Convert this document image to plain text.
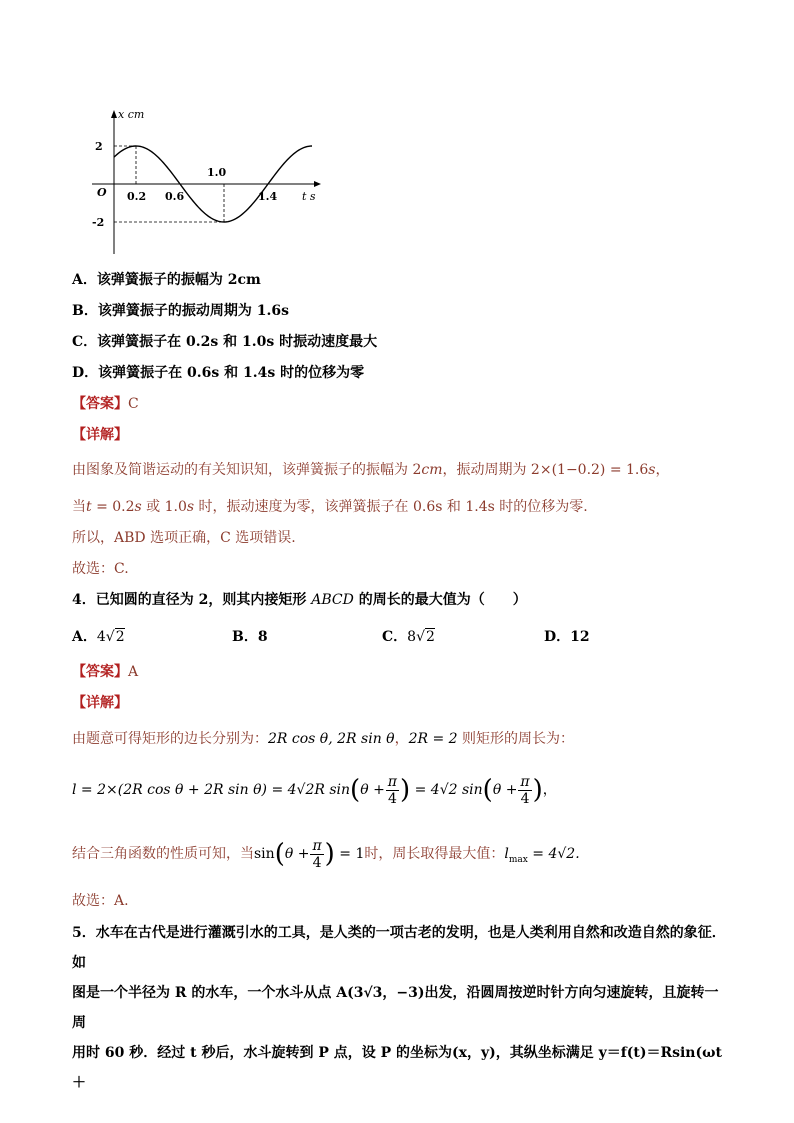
x cm
t s
O
2
-2
0.2 0.6
1.0
1.4
A．该弹簧振子的振幅为 2cm
B．该弹簧振子的振动周期为 1.6s
C．该弹簧振子在 0.2s 和 1.0s 时振动速度最大
D．该弹簧振子在 0.6s 和 1.4s 时的位移为零
【答案】C
【详解】
由图象及简谐运动的有关知识知，该弹簧振子的振幅为 2cm，振动周期为 2×(1−0.2) = 1.6s，
当t = 0.2s 或 1.0s 时，振动速度为零，该弹簧振子在 0.6s 和 1.4s 时的位移为零.
所以，ABD 选项正确，C 选项错误.
故选：C.
4．已知圆的直径为 2，则其内接矩形 ABCD 的周长的最大值为（　　）
A．4√2	B．8	C．8√2	D．12
【答案】A
【详解】
由题意可得矩形的边长分别为：2R cos θ, 2R sin θ，2R = 2 则矩形的周长为：
l = 2×(2R cos θ + 2R sin θ) = 4√2R $\sin(\theta + \frac{\pi}{4}$ ) = 4√2 $\sin(\theta + \frac{\pi}{4}$ )，
结合三角函数的性质可知，当$\sin(\theta + \frac{\pi}{4}$ ) = 1时，周长取得最大值：$l_{max} = 4√2$.
故选：A.
5．水车在古代是进行灌溉引水的工具，是人类的一项古老的发明，也是人类利用自然和改造自然的象征．如
图是一个半径为 R 的水车，一个水斗从点 A(3√3，−3)出发，沿圆周按逆时针方向匀速旋转，且旋转一周
用时 60 秒．经过 t 秒后，水斗旋转到 P 点，设 P 的坐标为(x，y)，其纵坐标满足 y＝f(t)＝Rsin(ωt＋
